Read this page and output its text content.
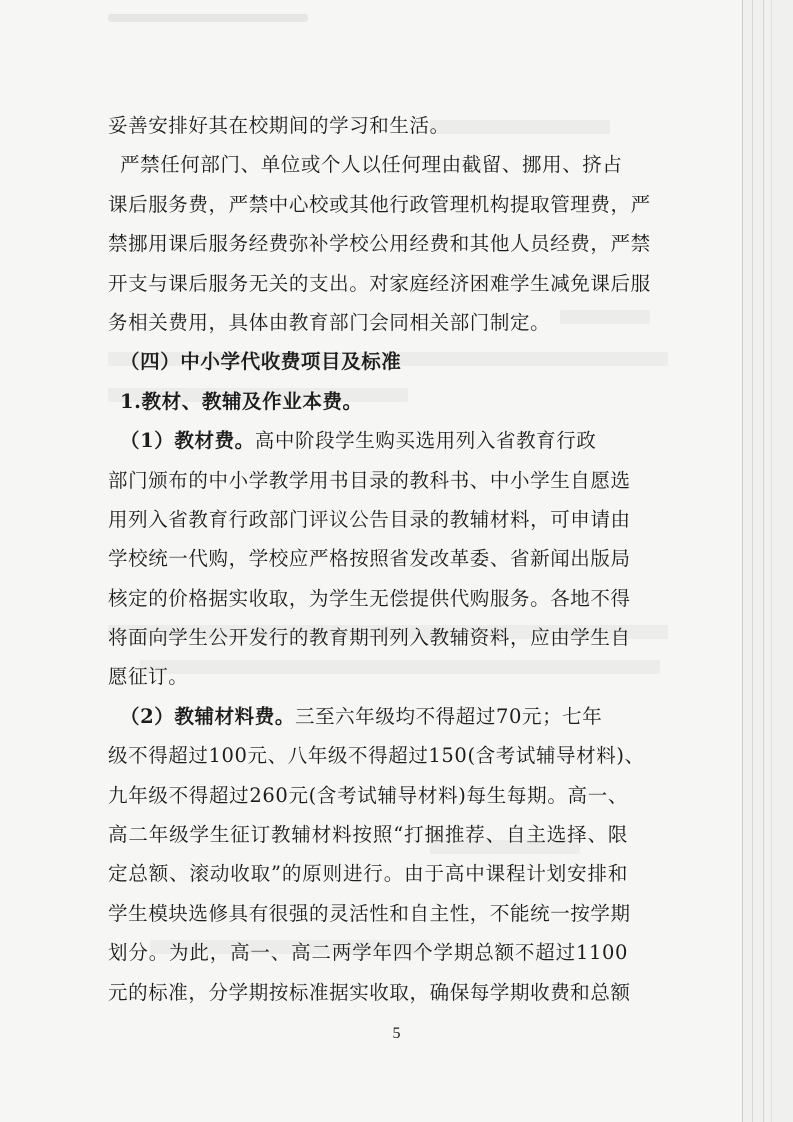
妥善安排好其在校期间的学习和生活。
严禁任何部门、单位或个人以任何理由截留、挪用、挤占
课后服务费，严禁中心校或其他行政管理机构提取管理费，严
禁挪用课后服务经费弥补学校公用经费和其他人员经费，严禁
开支与课后服务无关的支出。对家庭经济困难学生减免课后服
务相关费用，具体由教育部门会同相关部门制定。
（四）中小学代收费项目及标准
1.教材、教辅及作业本费。
（1）教材费。高中阶段学生购买选用列入省教育行政
部门颁布的中小学教学用书目录的教科书、中小学生自愿选
用列入省教育行政部门评议公告目录的教辅材料，可申请由
学校统一代购，学校应严格按照省发改革委、省新闻出版局
核定的价格据实收取，为学生无偿提供代购服务。各地不得
将面向学生公开发行的教育期刊列入教辅资料，应由学生自
愿征订。
（2）教辅材料费。三至六年级均不得超过70元；七年
级不得超过100元、八年级不得超过150(含考试辅导材料)、
九年级不得超过260元(含考试辅导材料)每生每期。高一、
高二年级学生征订教辅材料按照“打捆推荐、自主选择、限
定总额、滚动收取”的原则进行。由于高中课程计划安排和
学生模块选修具有很强的灵活性和自主性，不能统一按学期
划分。为此，高一、高二两学年四个学期总额不超过1100
元的标准，分学期按标准据实收取，确保每学期收费和总额
5
